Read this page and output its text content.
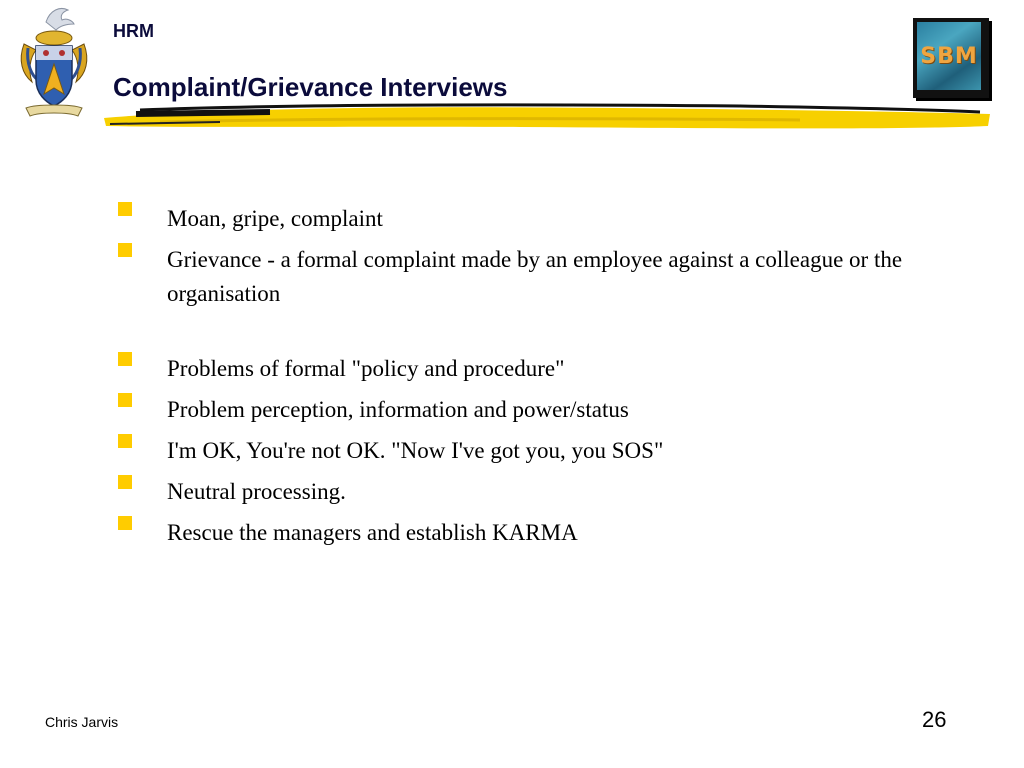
HRM
Complaint/Grievance Interviews
SBM
Moan, gripe, complaint
Grievance - a formal complaint made by an employee against a colleague or the organisation
Problems of formal "policy and procedure"
Problem perception, information and power/status
I'm OK, You're not OK. "Now I've got you, you SOS"
Neutral processing.
Rescue the managers and establish KARMA
Chris Jarvis	26
